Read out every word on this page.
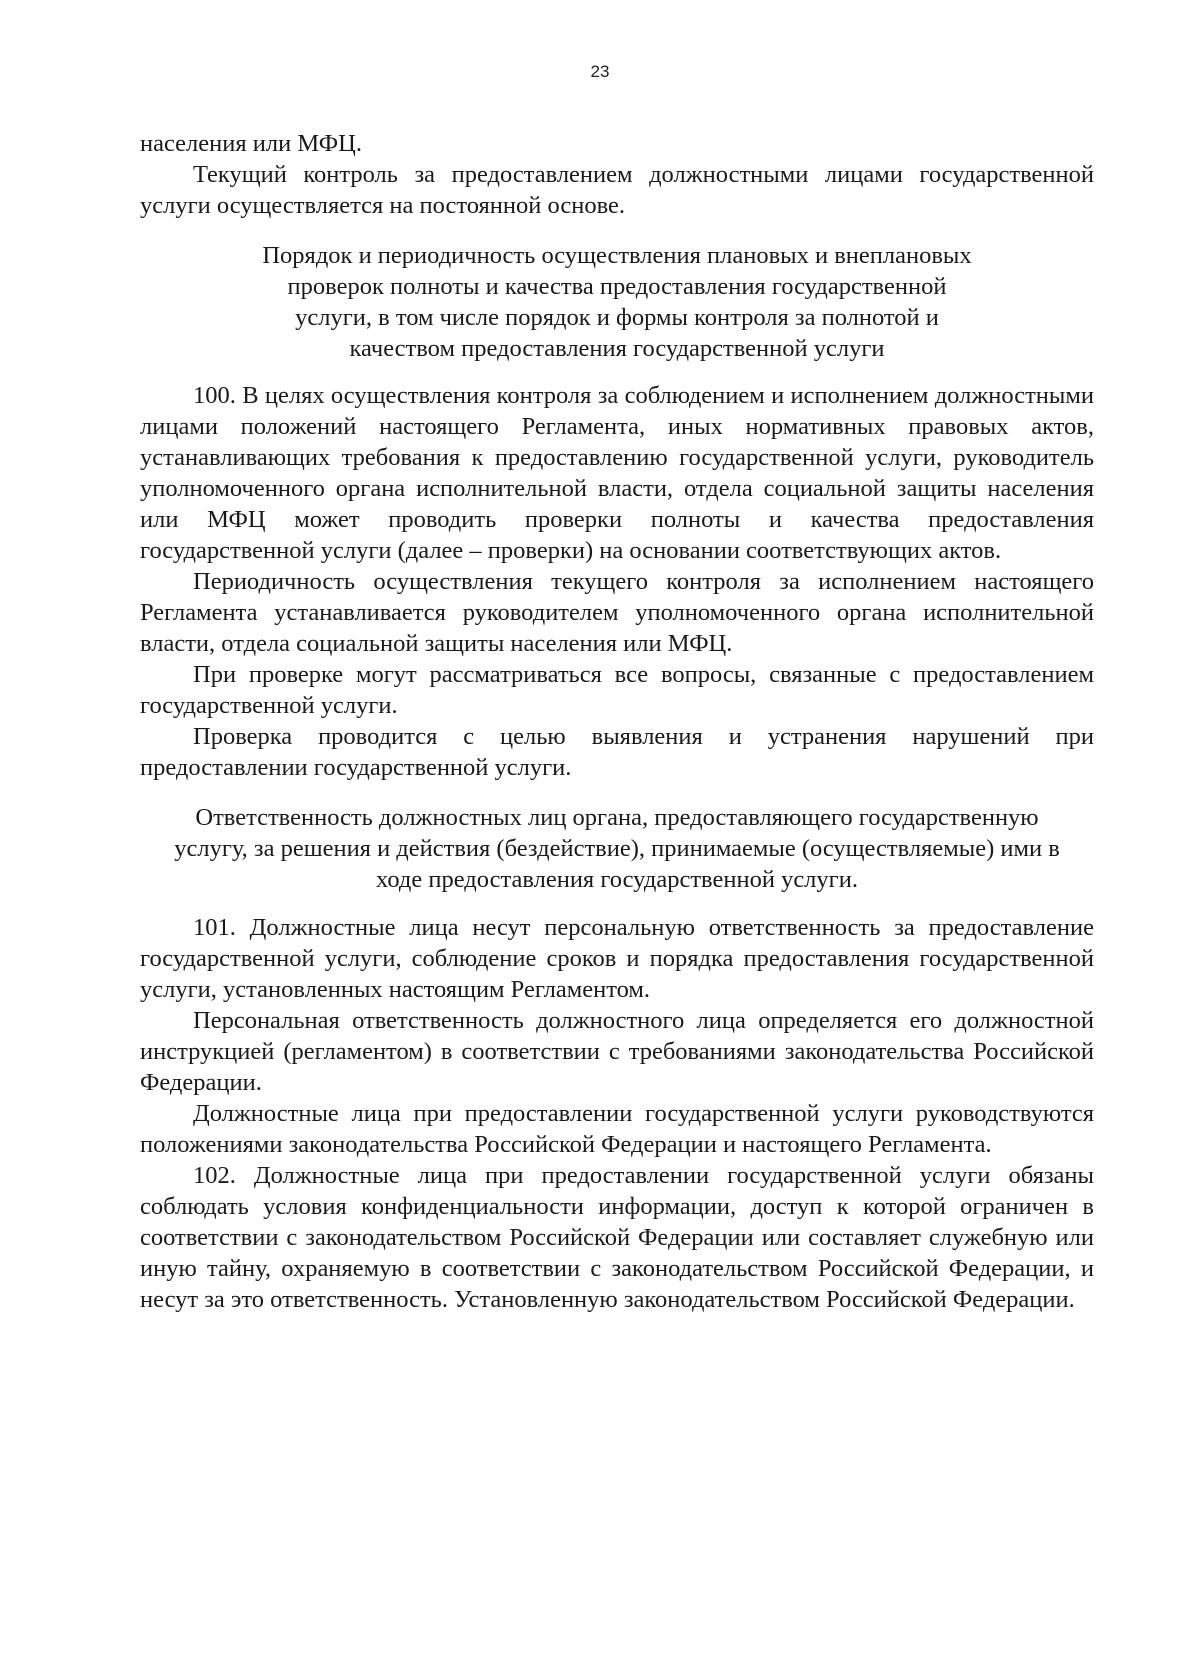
23

населения или МФЦ.

Текущий контроль за предоставлением должностными лицами государственной услуги осуществляется на постоянной основе.

Порядок и периодичность осуществления плановых и внеплановых проверок полноты и качества предоставления государственной услуги, в том числе порядок и формы контроля за полнотой и качеством предоставления государственной услуги

100. В целях осуществления контроля за соблюдением и исполнением должностными лицами положений настоящего Регламента, иных нормативных правовых актов, устанавливающих требования к предоставлению государственной услуги, руководитель уполномоченного органа исполнительной власти, отдела социальной защиты населения или МФЦ может проводить проверки полноты и качества предоставления государственной услуги (далее – проверки) на основании соответствующих актов.

Периодичность осуществления текущего контроля за исполнением настоящего Регламента устанавливается руководителем уполномоченного органа исполнительной власти, отдела социальной защиты населения или МФЦ.

При проверке могут рассматриваться все вопросы, связанные с предоставлением государственной услуги.

Проверка проводится с целью выявления и устранения нарушений при предоставлении государственной услуги.

Ответственность должностных лиц органа, предоставляющего государственную услугу, за решения и действия (бездействие), принимаемые (осуществляемые) ими в ходе предоставления государственной услуги.

101. Должностные лица несут персональную ответственность за предоставление государственной услуги, соблюдение сроков и порядка предоставления государственной услуги, установленных настоящим Регламентом.

Персональная ответственность должностного лица определяется его должностной инструкцией (регламентом) в соответствии с требованиями законодательства Российской Федерации.

Должностные лица при предоставлении государственной услуги руководствуются положениями законодательства Российской Федерации и настоящего Регламента.

102. Должностные лица при предоставлении государственной услуги обязаны соблюдать условия конфиденциальности информации, доступ к которой ограничен в соответствии с законодательством Российской Федерации или составляет служебную или иную тайну, охраняемую в соответствии с законодательством Российской Федерации, и несут за это ответственность. Установленную законодательством Российской Федерации.
